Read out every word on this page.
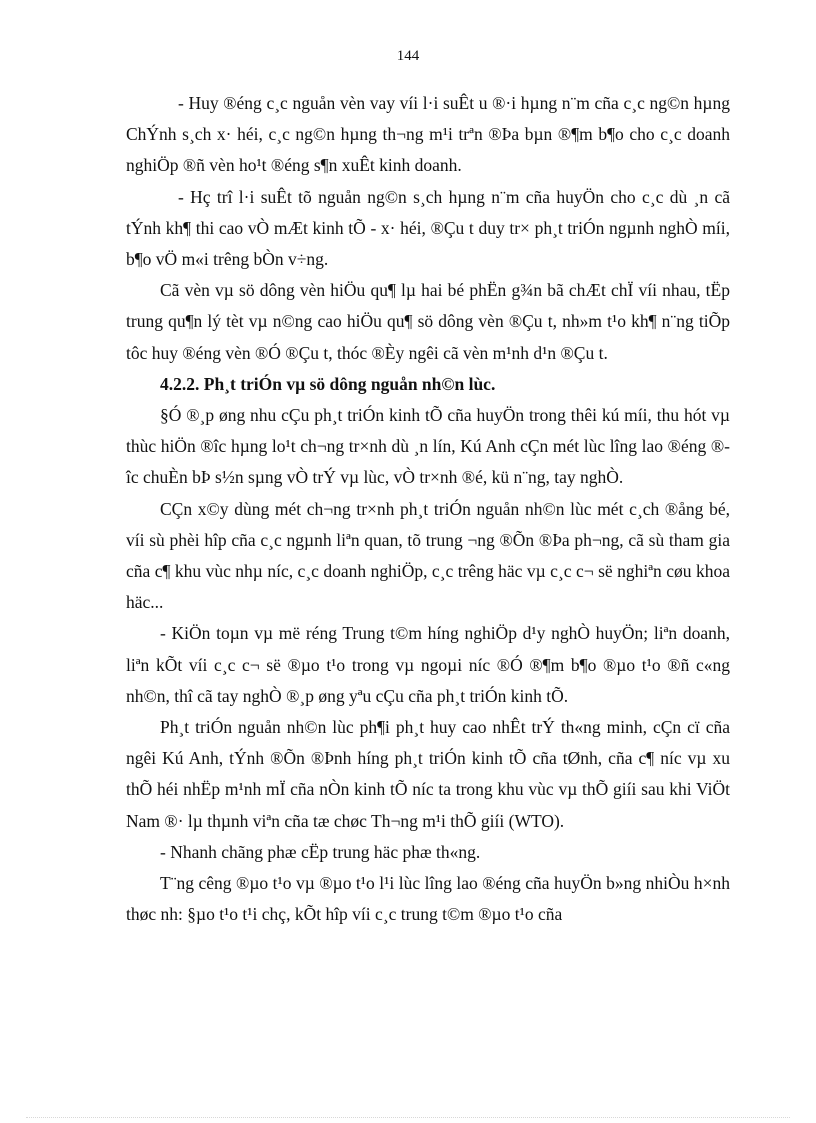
144

- Huy ®éng c¸c nguån vèn vay víi l·i suÊt u ®·i hµng n¨m cña c¸c ng©n hµng ChÝnh s¸ch x· héi, c¸c ng©n hµng th¬ng m¹i trªn ®Þa bµn ®¶m b¶o cho c¸c doanh nghiÖp ®ñ vèn ho¹t ®éng s¶n xuÊt kinh doanh.

- Hç trî l·i suÊt tõ nguån ng©n s¸ch hµng n¨m cña huyÖn cho c¸c dù ¸n cã tÝnh kh¶ thi cao vÒ mÆt kinh tÕ - x· héi, ®Çu t duy tr× ph¸t triÓn ngµnh nghÒ míi, b¶o vÖ m«i trêng bÒn v÷ng.

Cã vèn vµ sö dông vèn hiÖu qu¶ lµ hai bé phËn g¾n bã chÆt chÏ víi nhau, tËp trung qu¶n lý tèt vµ n©ng cao hiÖu qu¶ sö dông vèn ®Çu t, nh»m t¹o kh¶ n¨ng tiÕp tôc huy ®éng vèn ®Ó ®Çu t, thóc ®Èy ngêi cã vèn m¹nh d¹n ®Çu t.

4.2.2. Ph¸t triÓn vµ sö dông nguån nh©n lùc.

§Ó ®¸p øng nhu cÇu ph¸t triÓn kinh tÕ cña huyÖn trong thêi kú míi, thu hót vµ thùc hiÖn ®îc hµng lo¹t ch¬ng tr×nh dù ¸n lín, Kú Anh cÇn mét lùc lîng lao ®éng ®îc chuÈn bÞ s½n sµng vÒ trÝ vµ lùc, vÒ tr×nh ®é, kü n¨ng, tay nghÒ.

CÇn x©y dùng mét ch¬ng tr×nh ph¸t triÓn nguån nh©n lùc mét c¸ch ®ång bé, víi sù phèi hîp cña c¸c ngµnh liªn quan, tõ trung ¬ng ®Õn ®Þa ph¬ng, cã sù tham gia cña c¶ khu vùc nhµ níc, c¸c doanh nghiÖp, c¸c trêng häc vµ c¸c c¬ së nghiªn cøu khoa häc...

- KiÖn toµn vµ më réng Trung t©m híng nghiÖp d¹y nghÒ huyÖn; liªn doanh, liªn kÕt víi c¸c c¬ së ®µo t¹o trong vµ ngoµi níc ®Ó ®¶m b¶o ®µo t¹o ®ñ c«ng nh©n, thî cã tay nghÒ ®¸p øng yªu cÇu cña ph¸t triÓn kinh tÕ.

Ph¸t triÓn nguån nh©n lùc ph¶i ph¸t huy cao nhÊt trÝ th«ng minh, cÇn cï cña ngêi Kú Anh, tÝnh ®Õn ®Þnh híng ph¸t triÓn kinh tÕ cña tØnh, cña c¶ níc vµ xu thÕ héi nhËp m¹nh mÏ cña nÒn kinh tÕ níc ta trong khu vùc vµ thÕ giíi sau khi ViÖt Nam ®· lµ thµnh viªn cña tæ chøc Th¬ng m¹i thÕ giíi (WTO).

- Nhanh chãng phæ cËp trung häc phæ th«ng.

T¨ng cêng ®µo t¹o vµ ®µo t¹o l¹i lùc lîng lao ®éng cña huyÖn b»ng nhiÒu h×nh thøc nh: §µo t¹o t¹i chç, kÕt hîp víi c¸c trung t©m ®µo t¹o cña
